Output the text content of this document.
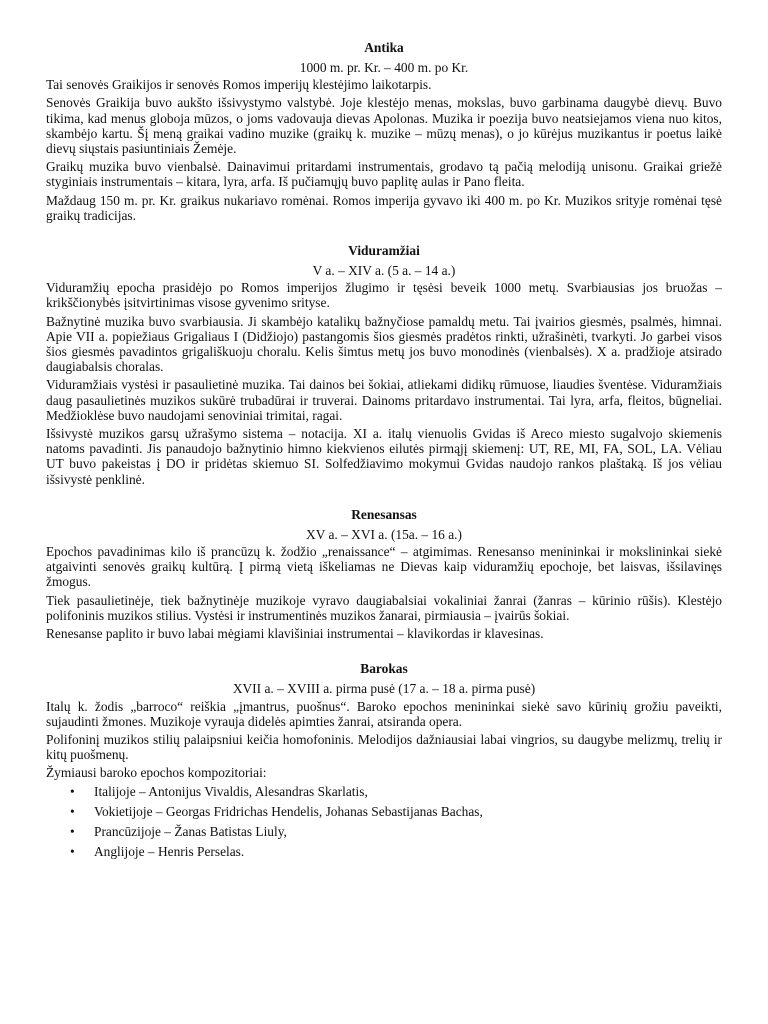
Antika
1000 m. pr. Kr. – 400 m. po Kr.

Tai senovės Graikijos ir senovės Romos imperijų klestėjimo laikotarpis.

Senovės Graikija buvo aukšto išsivystymo valstybė. Joje klestėjo menas, mokslas, buvo garbinama daugybė dievų. Buvo tikima, kad menus globoja mūzos, o joms vadovauja dievas Apolonas. Muzika ir poezija buvo neatsiejamos viena nuo kitos, skambėjo kartu. Šį meną graikai vadino muzike (graikų k. muzike – mūzų menas), o jo kūrėjus muzikantus ir poetus laikė dievų siųstais pasiuntiniais Žemėje.

Graikų muzika buvo vienbalsė. Dainavimui pritardami instrumentais, grodavo tą pačią melodiją unisonu. Graikai griežė styginiais instrumentais – kitara, lyra, arfa. Iš pučiamųjų buvo paplitę aulas ir Pano fleita.

Maždaug 150 m. pr. Kr. graikus nukariavo romėnai. Romos imperija gyvavo iki 400 m. po Kr. Muzikos srityje romėnai tęsė graikų tradicijas.

Viduramžiai
V a. – XIV a. (5 a. – 14 a.)

Viduramžių epocha prasidėjo po Romos imperijos žlugimo ir tęsėsi beveik 1000 metų. Svarbiausias jos bruožas – krikščionybės įsitvirtinimas visose gyvenimo srityse.

Bažnytinė muzika buvo svarbiausia. Ji skambėjo katalikų bažnyčiose pamaldų metu. Tai įvairios giesmės, psalmės, himnai. Apie VII a. popiežiaus Grigaliaus I (Didžiojo) pastangomis šios giesmės pradėtos rinkti, užrašinėti, tvarkyti. Jo garbei visos šios giesmės pavadintos grigališkuoju choralu. Kelis šimtus metų jos buvo monodinės (vienbalsės). X a. pradžioje atsirado daugiabalsis choralas.

Viduramžiais vystėsi ir pasaulietinė muzika. Tai dainos bei šokiai, atliekami didikų rūmuose, liaudies šventėse. Viduramžiais daug pasaulietinės muzikos sukūrė trubadūrai ir truverai. Dainoms pritardavo instrumentai. Tai lyra, arfa, fleitos, būgneliai. Medžioklėse buvo naudojami senoviniai trimitai, ragai.

Išsivystė muzikos garsų užrašymo sistema – notacija. XI a. italų vienuolis Gvidas iš Areco miesto sugalvojo skiemenis natoms pavadinti. Jis panaudojo bažnytinio himno kiekvienos eilutės pirmąjį skiemenį: UT, RE, MI, FA, SOL, LA. Vėliau UT buvo pakeistas į DO ir pridėtas skiemuo SI. Solfedžiavimo mokymui Gvidas naudojo rankos plaštaką. Iš jos vėliau išsivystė penklinė.

Renesansas
XV a. – XVI a. (15a. – 16 a.)

Epochos pavadinimas kilo iš prancūzų k. žodžio „renaissance“ – atgimimas. Renesanso menininkai ir mokslininkai siekė atgaivinti senovės graikų kultūrą. Į pirmą vietą iškeliamas ne Dievas kaip viduramžių epochoje, bet laisvas, išsilavinęs žmogus.

Tiek pasaulietinėje, tiek bažnytinėje muzikoje vyravo daugiabalsiai vokaliniai žanrai (žanras – kūrinio rūšis). Klestėjo polifoninis muzikos stilius. Vystėsi ir instrumentinės muzikos žanarai, pirmiausia – įvairūs šokiai.

Renesanse paplito ir buvo labai mėgiami klavišiniai instrumentai – klavikordas ir klavesinas.

Barokas
XVII a. – XVIII a. pirma pusė (17 a. – 18 a. pirma pusė)

Italų k. žodis „barroco“ reiškia „įmantrus, puošnus“. Baroko epochos menininkai siekė savo kūrinių grožiu paveikti, sujaudinti žmones. Muzikoje vyrauja didelės apimties žanrai, atsiranda opera.

Polifoninį muzikos stilių palaipsniui keičia homofoninis. Melodijos dažniausiai labai vingrios, su daugybe melizmų, trelių ir kitų puošmenų.

Žymiausi baroko epochos kompozitoriai:

• Italijoje – Antonijus Vivaldis, Alesandras Skarlatis,
• Vokietijoje – Georgas Fridrichas Hendelis, Johanas Sebastijanas Bachas,
• Prancūzijoje – Žanas Batistas Liuly,
• Anglijoje – Henris Perselas.
